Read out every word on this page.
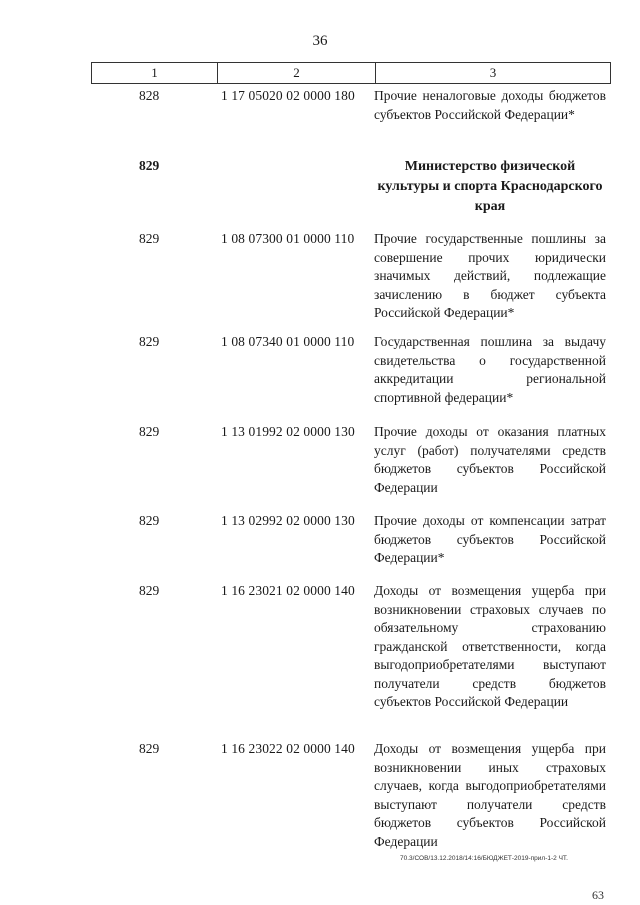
36
1	2	3
828	1 17 05020 02 0000 180 Прочие неналоговые доходы бюджетов субъектов Российской Федерации*
829	Министерство физической культуры и спорта Краснодарского края
829	1 08 07300 01 0000 110 Прочие государственные пошлины за совершение прочих юридически значимых действий, подлежащие зачислению в бюджет субъекта Российской Федерации*
829	1 08 07340 01 0000 110 Государственная пошлина за выдачу свидетельства о государственной аккредитации региональной спортивной федерации*
829	1 13 01992 02 0000 130 Прочие доходы от оказания платных услуг (работ) получателями средств бюджетов субъектов Российской Федерации
829	1 13 02992 02 0000 130 Прочие доходы от компенсации затрат бюджетов субъектов Российской Федерации*
829	1 16 23021 02 0000 140 Доходы от возмещения ущерба при возникновении страховых случаев по обязательному страхованию гражданской ответственности, когда выгодоприобретателями выступают получатели средств бюджетов субъектов Российской Федерации
829	1 16 23022 02 0000 140 Доходы от возмещения ущерба при возникновении иных страховых случаев, когда выгодоприобретателями выступают получатели средств бюджетов субъектов Российской Федерации
70.3/СОВ/13.12.2018/14:16/БЮДЖЕТ-2019-прил-1-2 ЧТ.
63
